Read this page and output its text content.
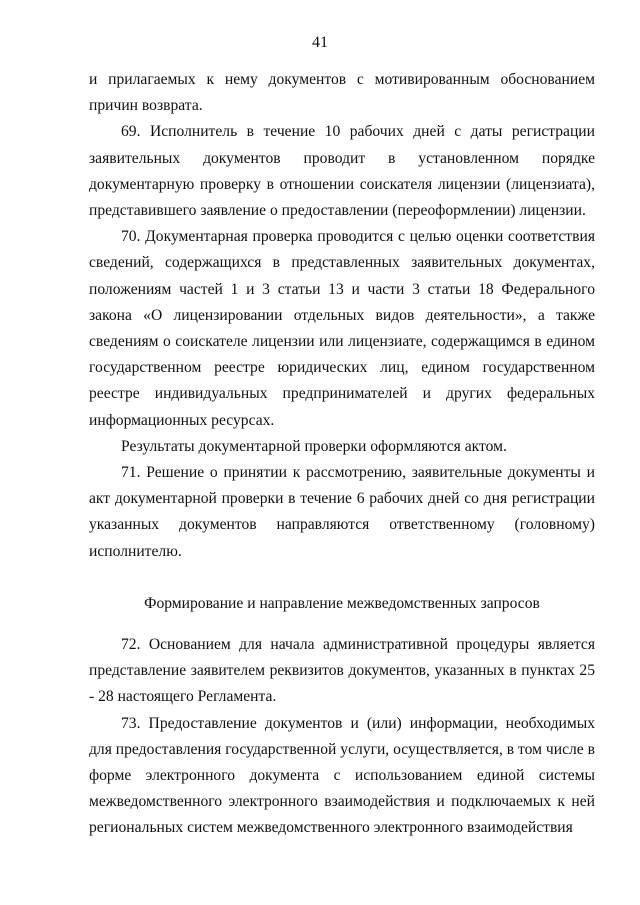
41

и прилагаемых к нему документов с мотивированным обоснованием причин возврата.

69. Исполнитель в течение 10 рабочих дней с даты регистрации заявительных документов проводит в установленном порядке документарную проверку в отношении соискателя лицензии (лицензиата), представившего заявление о предоставлении (переоформлении) лицензии.

70. Документарная проверка проводится с целью оценки соответствия сведений, содержащихся в представленных заявительных документах, положениям частей 1 и 3 статьи 13 и части 3 статьи 18 Федерального закона «О лицензировании отдельных видов деятельности», а также сведениям о соискателе лицензии или лицензиате, содержащимся в едином государственном реестре юридических лиц, едином государственном реестре индивидуальных предпринимателей и других федеральных информационных ресурсах.

Результаты документарной проверки оформляются актом.

71. Решение о принятии к рассмотрению, заявительные документы и акт документарной проверки в течение 6 рабочих дней со дня регистрации указанных документов направляются ответственному (головному) исполнителю.

Формирование и направление межведомственных запросов

72. Основанием для начала административной процедуры является представление заявителем реквизитов документов, указанных в пунктах 25 - 28 настоящего Регламента.

73. Предоставление документов и (или) информации, необходимых для предоставления государственной услуги, осуществляется, в том числе в форме электронного документа с использованием единой системы межведомственного электронного взаимодействия и подключаемых к ней региональных систем межведомственного электронного взаимодействия
